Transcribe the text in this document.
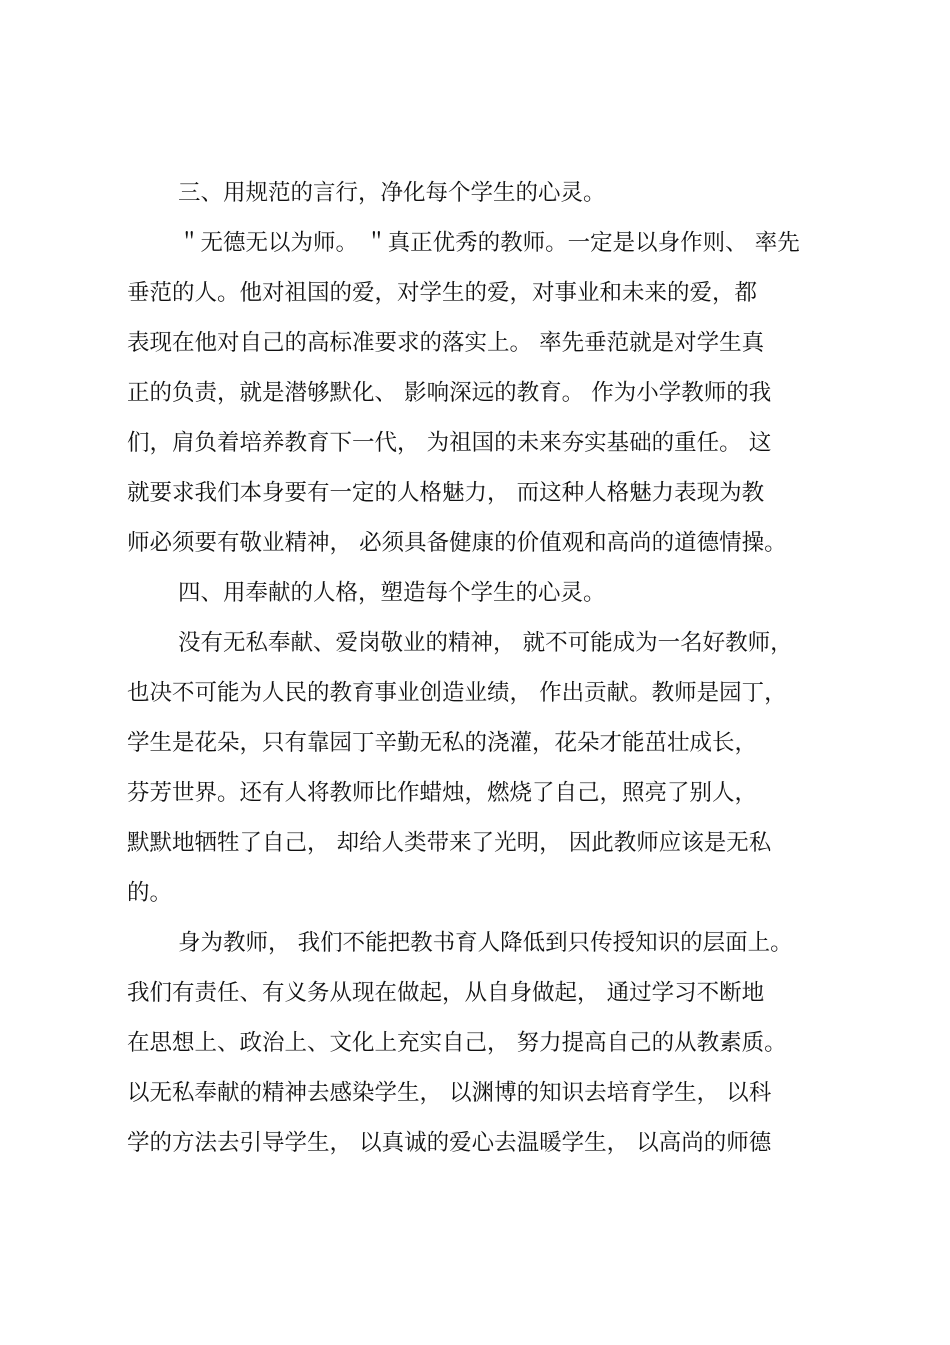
三、用规范的言行，净化每个学生的心灵。
＂无德无以为师。 ＂真正优秀的教师。一定是以身作则、 率先
垂范的人。他对祖国的爱，对学生的爱，对事业和未来的爱，都
表现在他对自己的高标准要求的落实上。 率先垂范就是对学生真
正的负责，就是潜够默化、 影响深远的教育。 作为小学教师的我
们，肩负着培养教育下一代， 为祖国的未来夯实基础的重任。 这
就要求我们本身要有一定的人格魅力， 而这种人格魅力表现为教
师必须要有敬业精神， 必须具备健康的价值观和高尚的道德情操。
四、用奉献的人格，塑造每个学生的心灵。
没有无私奉献、爱岗敬业的精神， 就不可能成为一名好教师，
也决不可能为人民的教育事业创造业绩， 作出贡献。教师是园丁，
学生是花朵，只有靠园丁辛勤无私的浇灌，花朵才能茁壮成长，
芬芳世界。还有人将教师比作蜡烛，燃烧了自己，照亮了别人，
默默地牺牲了自己， 却给人类带来了光明， 因此教师应该是无私
的。
身为教师， 我们不能把教书育人降低到只传授知识的层面上。
我们有责任、有义务从现在做起，从自身做起， 通过学习不断地
在思想上、政治上、文化上充实自己， 努力提高自己的从教素质。
以无私奉献的精神去感染学生， 以渊博的知识去培育学生， 以科
学的方法去引导学生， 以真诚的爱心去温暖学生， 以高尚的师德
